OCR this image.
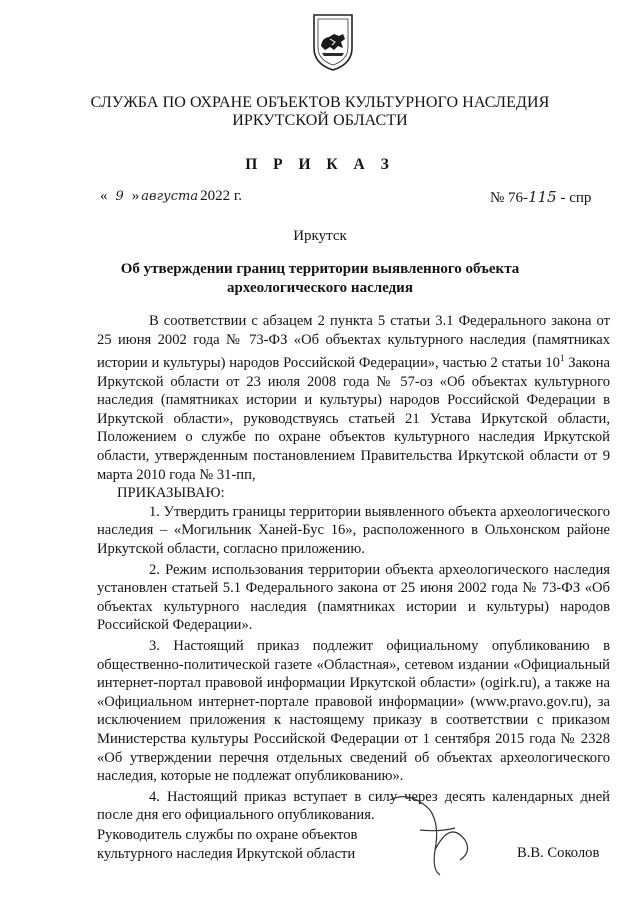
СЛУЖБА ПО ОХРАНЕ ОБЪЕКТОВ КУЛЬТУРНОГО НАСЛЕДИЯ
ИРКУТСКОЙ ОБЛАСТИ
П Р И К А З
« 9 » августа 2022 г.	№ 76-115 - спр
Иркутск
Об утверждении границ территории выявленного объекта
археологического наследия

В соответствии с абзацем 2 пункта 5 статьи 3.1 Федерального закона от 25 июня 2002 года № 73-ФЗ «Об объектах культурного наследия (памятниках истории и культуры) народов Российской Федерации», частью 2 статьи $10^1$ Закона Иркутской области от 23 июля 2008 года № 57-оз «Об объектах культурного наследия (памятниках истории и культуры) народов Российской Федерации в Иркутской области», руководствуясь статьей 21 Устава Иркутской области, Положением о службе по охране объектов культурного наследия Иркутской области, утвержденным постановлением Правительства Иркутской области от 9 марта 2010 года № 31-пп,

ПРИКАЗЫВАЮ:

1. Утвердить границы территории выявленного объекта археологического наследия – «Могильник Ханей-Бус 16», расположенного в Ольхонском районе Иркутской области, согласно приложению.

2. Режим использования территории объекта археологического наследия установлен статьей 5.1 Федерального закона от 25 июня 2002 года № 73-ФЗ «Об объектах культурного наследия (памятниках истории и культуры) народов Российской Федерации».

3. Настоящий приказ подлежит официальному опубликованию в общественно-политической газете «Областная», сетевом издании «Официальный интернет-портал правовой информации Иркутской области» (ogirk.ru), а также на «Официальном интернет-портале правовой информации» (www.pravo.gov.ru), за исключением приложения к настоящему приказу в соответствии с приказом Министерства культуры Российской Федерации от 1 сентября 2015 года № 2328 «Об утверждении перечня отдельных сведений об объектах археологического наследия, которые не подлежат опубликованию».

4. Настоящий приказ вступает в силу через десять календарных дней после дня его официального опубликования.

Руководитель службы по охране объектов
культурного наследия Иркутской области	В.В. Соколов
